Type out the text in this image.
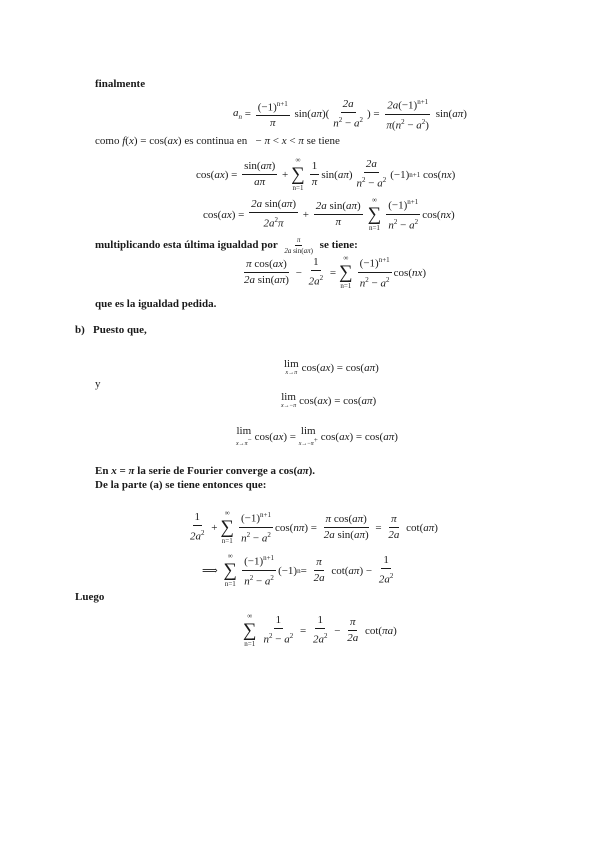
finalmente
$a_n = \frac{(-1)^{n+1}}{\pi} \sin$( aπ )( $\frac{2a}{n^2 - a^2}$ ) = $\frac{2a(-1)^{n+1}}{\pi(n^2 - a^2)} \sin$( aπ )
como f(x) = cos(ax) es continua en   − π < x < π se tiene
cos( ax ) = $\frac{\sin(a\pi)}{a\pi}$ +
∞
∑
$n=1 \frac{1}{\pi} \sin$( aπ ) $\frac{2a}{n^2 - a^2} (-1)$ n+1 cos( nx )
cos( ax ) = $\frac{\text{2a sin(aπ)}}{2a^2\pi} + \frac{\text{2a sin(aπ)}}{\pi}$ ∞
∑
$n=1 \frac{(-1)^{n+1}}{n^2 - a^2} \cos$( nx )
multiplicando esta última igualdad por $\frac{\pi}{\text{2a sin(aπ)}}$ se tiene:
$\frac{\text{π cos(ax)}}{\text{2a sin(aπ)}} - \frac{1}{2a^2}$ =
∞
∑
$n=1 \frac{(-1)^{n+1}}{n^2 - a^2} \cos$( nx )
que es la igualdad pedida.
b) Puesto que,
lim
x→π cos( ax ) = cos( aπ )
y
lim
x→−π cos( ax ) = cos( aπ )
lim
x→π− cos( ax ) = lim
x→−π+ cos( ax ) = cos( aπ )
En x = π la serie de Fourier converge a cos(aπ).
De la parte (a) se tiene entonces que:
$\frac{1}{2a^2}$ +
∞
∑
$n=1 \frac{(-1)^{n+1}}{n^2 - a^2} \cos$( nπ ) = $\frac{\text{π cos(aπ)}}{\text{2a sin(aπ)}} = \frac{\pi}{2a} \cot$( aπ )
⟹
∞
∑
$n=1 \frac{(-1)^{n+1}}{n^2 - a^2} (-1) n = \frac{\pi}{2a} \cot$( aπ ) − $\frac{1}{2a^2}$
Luego
∞
∑
$n=1 \frac{1}{n^2 - a^2} = \frac{1}{2a^2} - \frac{\pi}{2a} \cot$( πa )
